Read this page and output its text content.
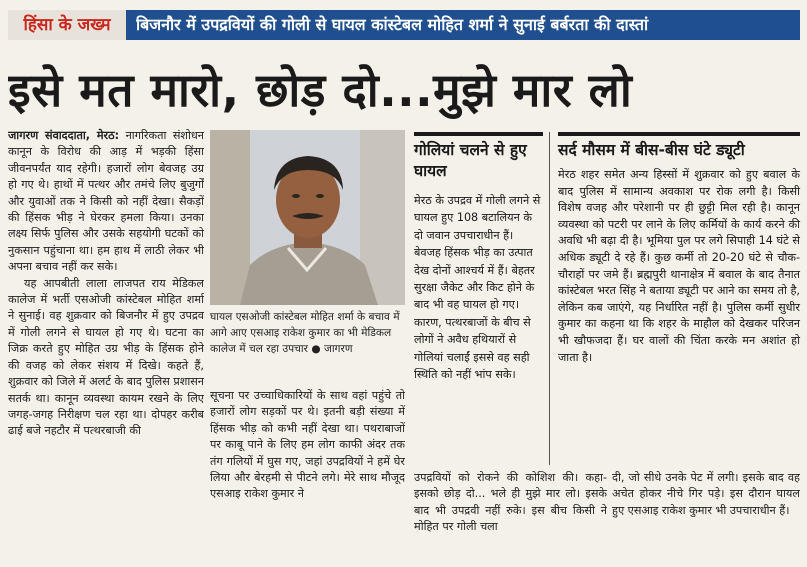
हिंसा के जख्म	बिजनौर में उपद्रवियों की गोली से घायल कांस्टेबल मोहित शर्मा ने सुनाई बर्बरता की दास्तां
इसे मत मारो, छोड़ दो...मुझे मार लो

जागरण संवाददाता, मेरठ: नागरिकता संशोधन कानून के विरोध की आड़ में भड़की हिंसा जीवनपर्यंत याद रहेगी। हजारों लोग बेवजह उग्र हो गए थे। हाथों में पत्थर और तमंचे लिए बुजुर्गों और युवाओं तक ने किसी को नहीं देखा। सैकड़ों की हिंसक भीड़ ने घेरकर हमला किया। उनका लक्ष्य सिर्फ पुलिस और उसके सहयोगी घटकों को नुकसान पहुंचाना था। हम हाथ में लाठी लेकर भी अपना बचाव नहीं कर सके।

यह आपबीती लाला लाजपत राय मेडिकल कालेज में भर्ती एसओजी कांस्टेबल मोहित शर्मा ने सुनाई। वह शुक्रवार को बिजनौर में हुए उपद्रव में गोली लगने से घायल हो गए थे। घटना का जिक्र करते हुए मोहित उग्र भीड़ के हिंसक होने की वजह को लेकर संशय में दिखे। कहते हैं, शुक्रवार को जिले में अलर्ट के बाद पुलिस प्रशासन सतर्क था। कानून व्यवस्था कायम रखने के लिए जगह-जगह निरीक्षण चल रहा था। दोपहर करीब ढाई बजे नहटौर में पत्थरबाजी की

घायल एसओजी कांस्टेबल मोहित शर्मा के बचाव में आगे आए एसआइ राकेश कुमार का भी मेडिकल कालेज में चल रहा उपचार ● जागरण
सूचना पर उच्चाधिकारियों के साथ वहां पहुंचे तो हजारों लोग सड़कों पर थे। इतनी बड़ी संख्या में हिंसक भीड़ को कभी नहीं देखा था। पथराबाजों पर काबू पाने के लिए हम लोग काफी अंदर तक तंग गलियों में घुस गए, जहां उपद्रवियों ने हमें घेर लिया और बेरहमी से पीटने लगे। मेरे साथ मौजूद एसआइ राकेश कुमार ने
गोलियां चलने से हुए घायल
मेरठ के उपद्रव में गोली लगने से घायल हुए 108 बटालियन के दो जवान उपचाराधीन हैं। बेवजह हिंसक भीड़ का उत्पात देख दोनों आश्चर्य में हैं। बेहतर सुरक्षा जैकेट और किट होने के बाद भी वह घायल हो गए। कारण, पत्थरबाजों के बीच से लोगों ने अवैध हथियारों से गोलियां चलाईं इससे वह सही स्थिति को नहीं भांप सके।
सर्द मौसम में बीस-बीस घंटे ड्यूटी
मेरठ शहर समेत अन्य हिस्सों में शुक्रवार को हुए बवाल के बाद पुलिस में सामान्य अवकाश पर रोक लगी है। किसी विशेष वजह और परेशानी पर ही छुट्टी मिल रही है। कानून व्यवस्था को पटरी पर लाने के लिए कर्मियों के कार्य करने की अवधि भी बढ़ा दी है। भूमिया पुल पर लगे सिपाही 14 घंटे से अधिक ड्यूटी दे रहे हैं। कुछ कर्मी तो 20-20 घंटे से चौक-चौराहों पर जमे हैं। ब्रह्मपुरी थानाक्षेत्र में बवाल के बाद तैनात कांस्टेबल भरत सिंह ने बताया ड्यूटी पर आने का समय तो है, लेकिन कब जाएंगे, यह निर्धारित नहीं है। पुलिस कर्मी सुधीर कुमार का कहना था कि शहर के माहौल को देखकर परिजन भी खौफजदा हैं। घर वालों की चिंता करके मन अशांत हो जाता है।
उपद्रवियों को रोकने की कोशिश की। कहा-इसको छोड़ दो... भले ही मुझे मार लो। इसके बाद भी उपद्रवी नहीं रुके। इस बीच किसी ने मोहित पर गोली चला
दी, जो सीधे उनके पेट में लगी। इसके बाद वह अचेत होकर नीचे गिर पड़े। इस दौरान घायल हुए एसआइ राकेश कुमार भी उपचाराधीन हैं।
